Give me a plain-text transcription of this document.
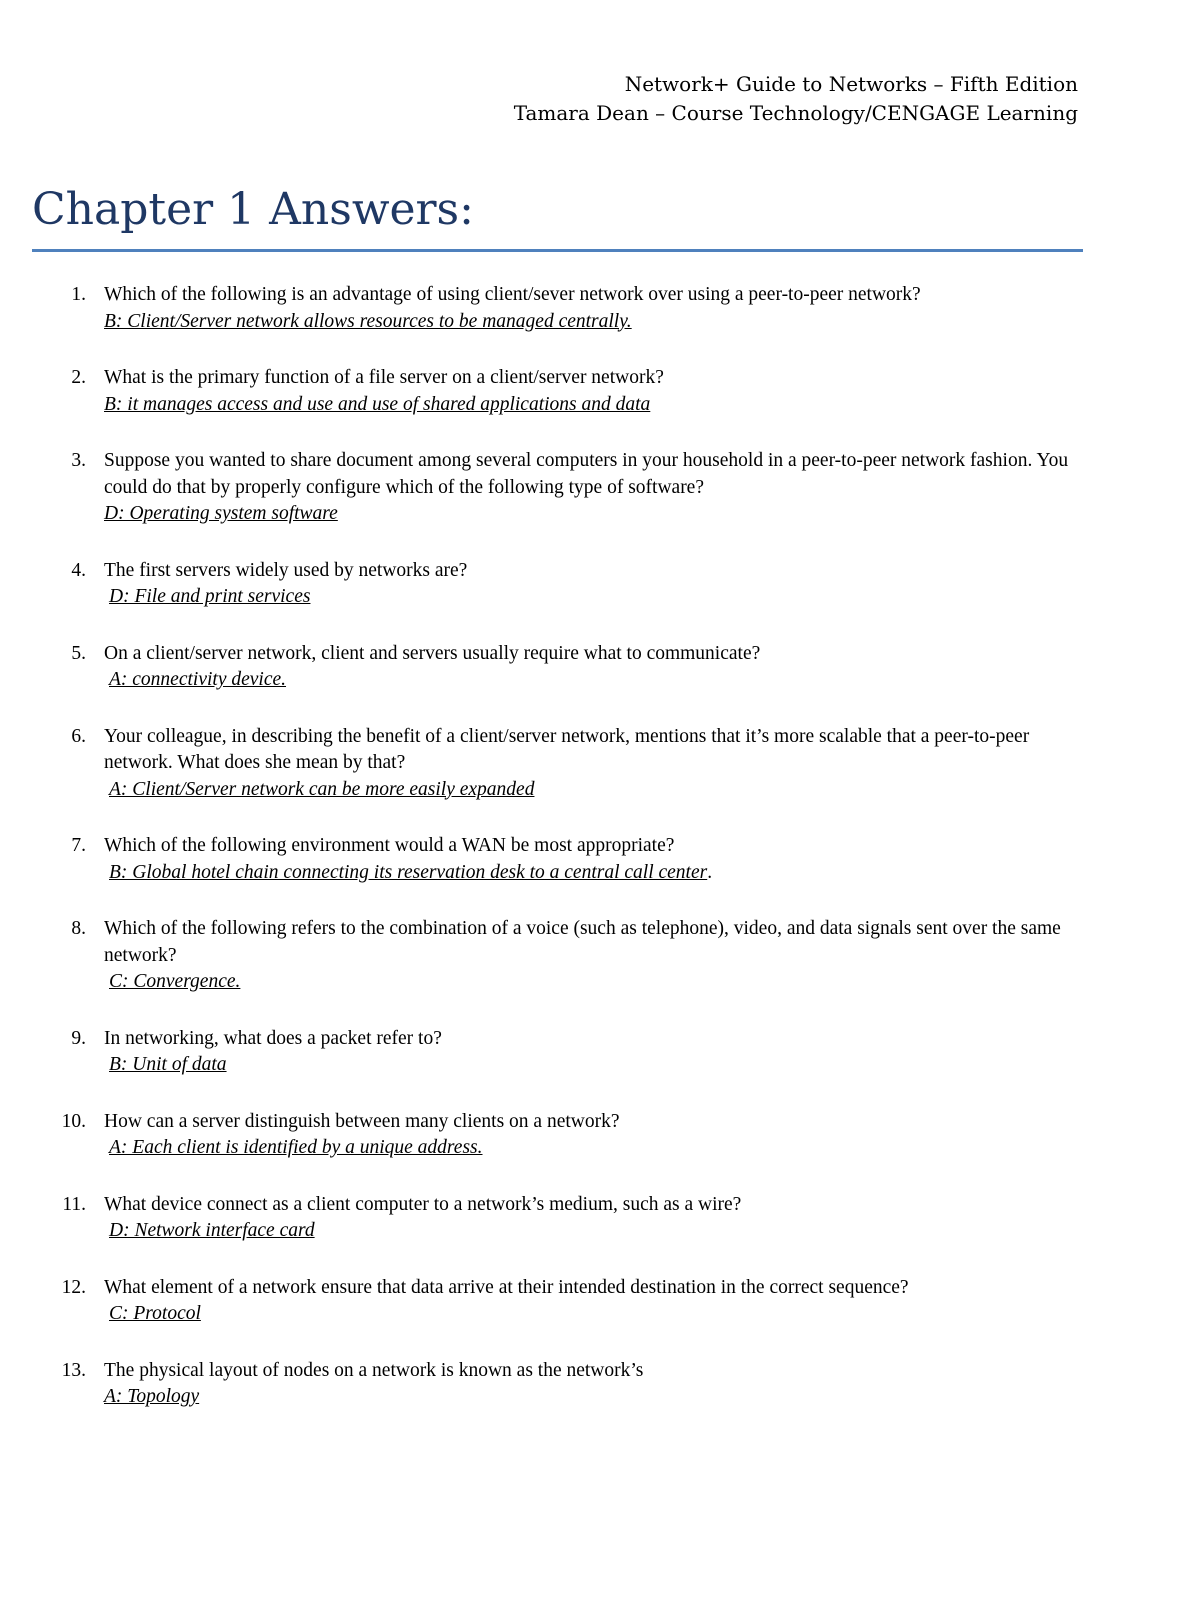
Network+ Guide to Networks – Fifth Edition
Tamara Dean – Course Technology/CENGAGE Learning
Chapter 1 Answers:
1. Which of the following is an advantage of using client/sever network over using a peer-to-peer network?
B: Client/Server network allows resources to be managed centrally.
2. What is the primary function of a file server on a client/server network?
B: it manages access and use and use of shared applications and data
3. Suppose you wanted to share document among several computers in your household in a peer-to-peer network fashion. You could do that by properly configure which of the following type of software?
D: Operating system software
4. The first servers widely used by networks are?
D: File and print services
5. On a client/server network, client and servers usually require what to communicate?
A: connectivity device.
6. Your colleague, in describing the benefit of a client/server network, mentions that it’s more scalable that a peer-to-peer network. What does she mean by that?
A: Client/Server network can be more easily expanded
7. Which of the following environment would a WAN be most appropriate?
B: Global hotel chain connecting its reservation desk to a central call center.
8. Which of the following refers to the combination of a voice (such as telephone), video, and data signals sent over the same network?
C: Convergence.
9. In networking, what does a packet refer to?
B: Unit of data
10. How can a server distinguish between many clients on a network?
A: Each client is identified by a unique address.
11. What device connect as a client computer to a network’s medium, such as a wire?
D: Network interface card
12. What element of a network ensure that data arrive at their intended destination in the correct sequence?
C: Protocol
13. The physical layout of nodes on a network is known as the network’s
A: Topology
